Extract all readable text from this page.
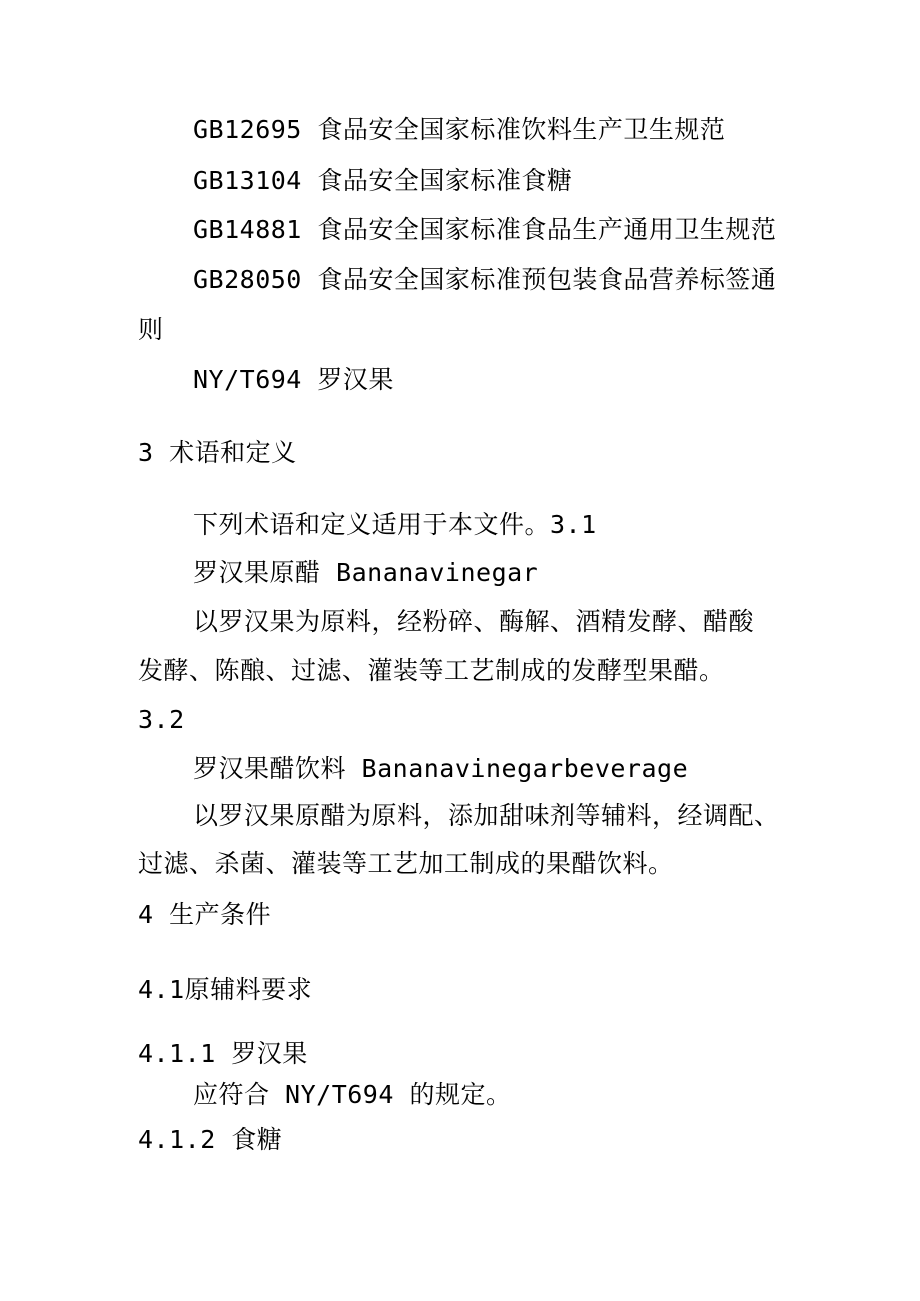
GB12695 食品安全国家标准饮料生产卫生规范
GB13104 食品安全国家标准食糖
GB14881 食品安全国家标准食品生产通用卫生规范
GB28050 食品安全国家标准预包装食品营养标签通
则
NY/T694 罗汉果
3 术语和定义
下列术语和定义适用于本文件。3.1
罗汉果原醋 Bananavinegar
以罗汉果为原料，经粉碎、酶解、酒精发酵、醋酸
发酵、陈酿、过滤、灌装等工艺制成的发酵型果醋。
3.2
罗汉果醋饮料 Bananavinegarbeverage
以罗汉果原醋为原料，添加甜味剂等辅料，经调配、
过滤、杀菌、灌装等工艺加工制成的果醋饮料。
4 生产条件
4.1原辅料要求
4.1.1 罗汉果
应符合 NY/T694 的规定。
4.1.2 食糖
